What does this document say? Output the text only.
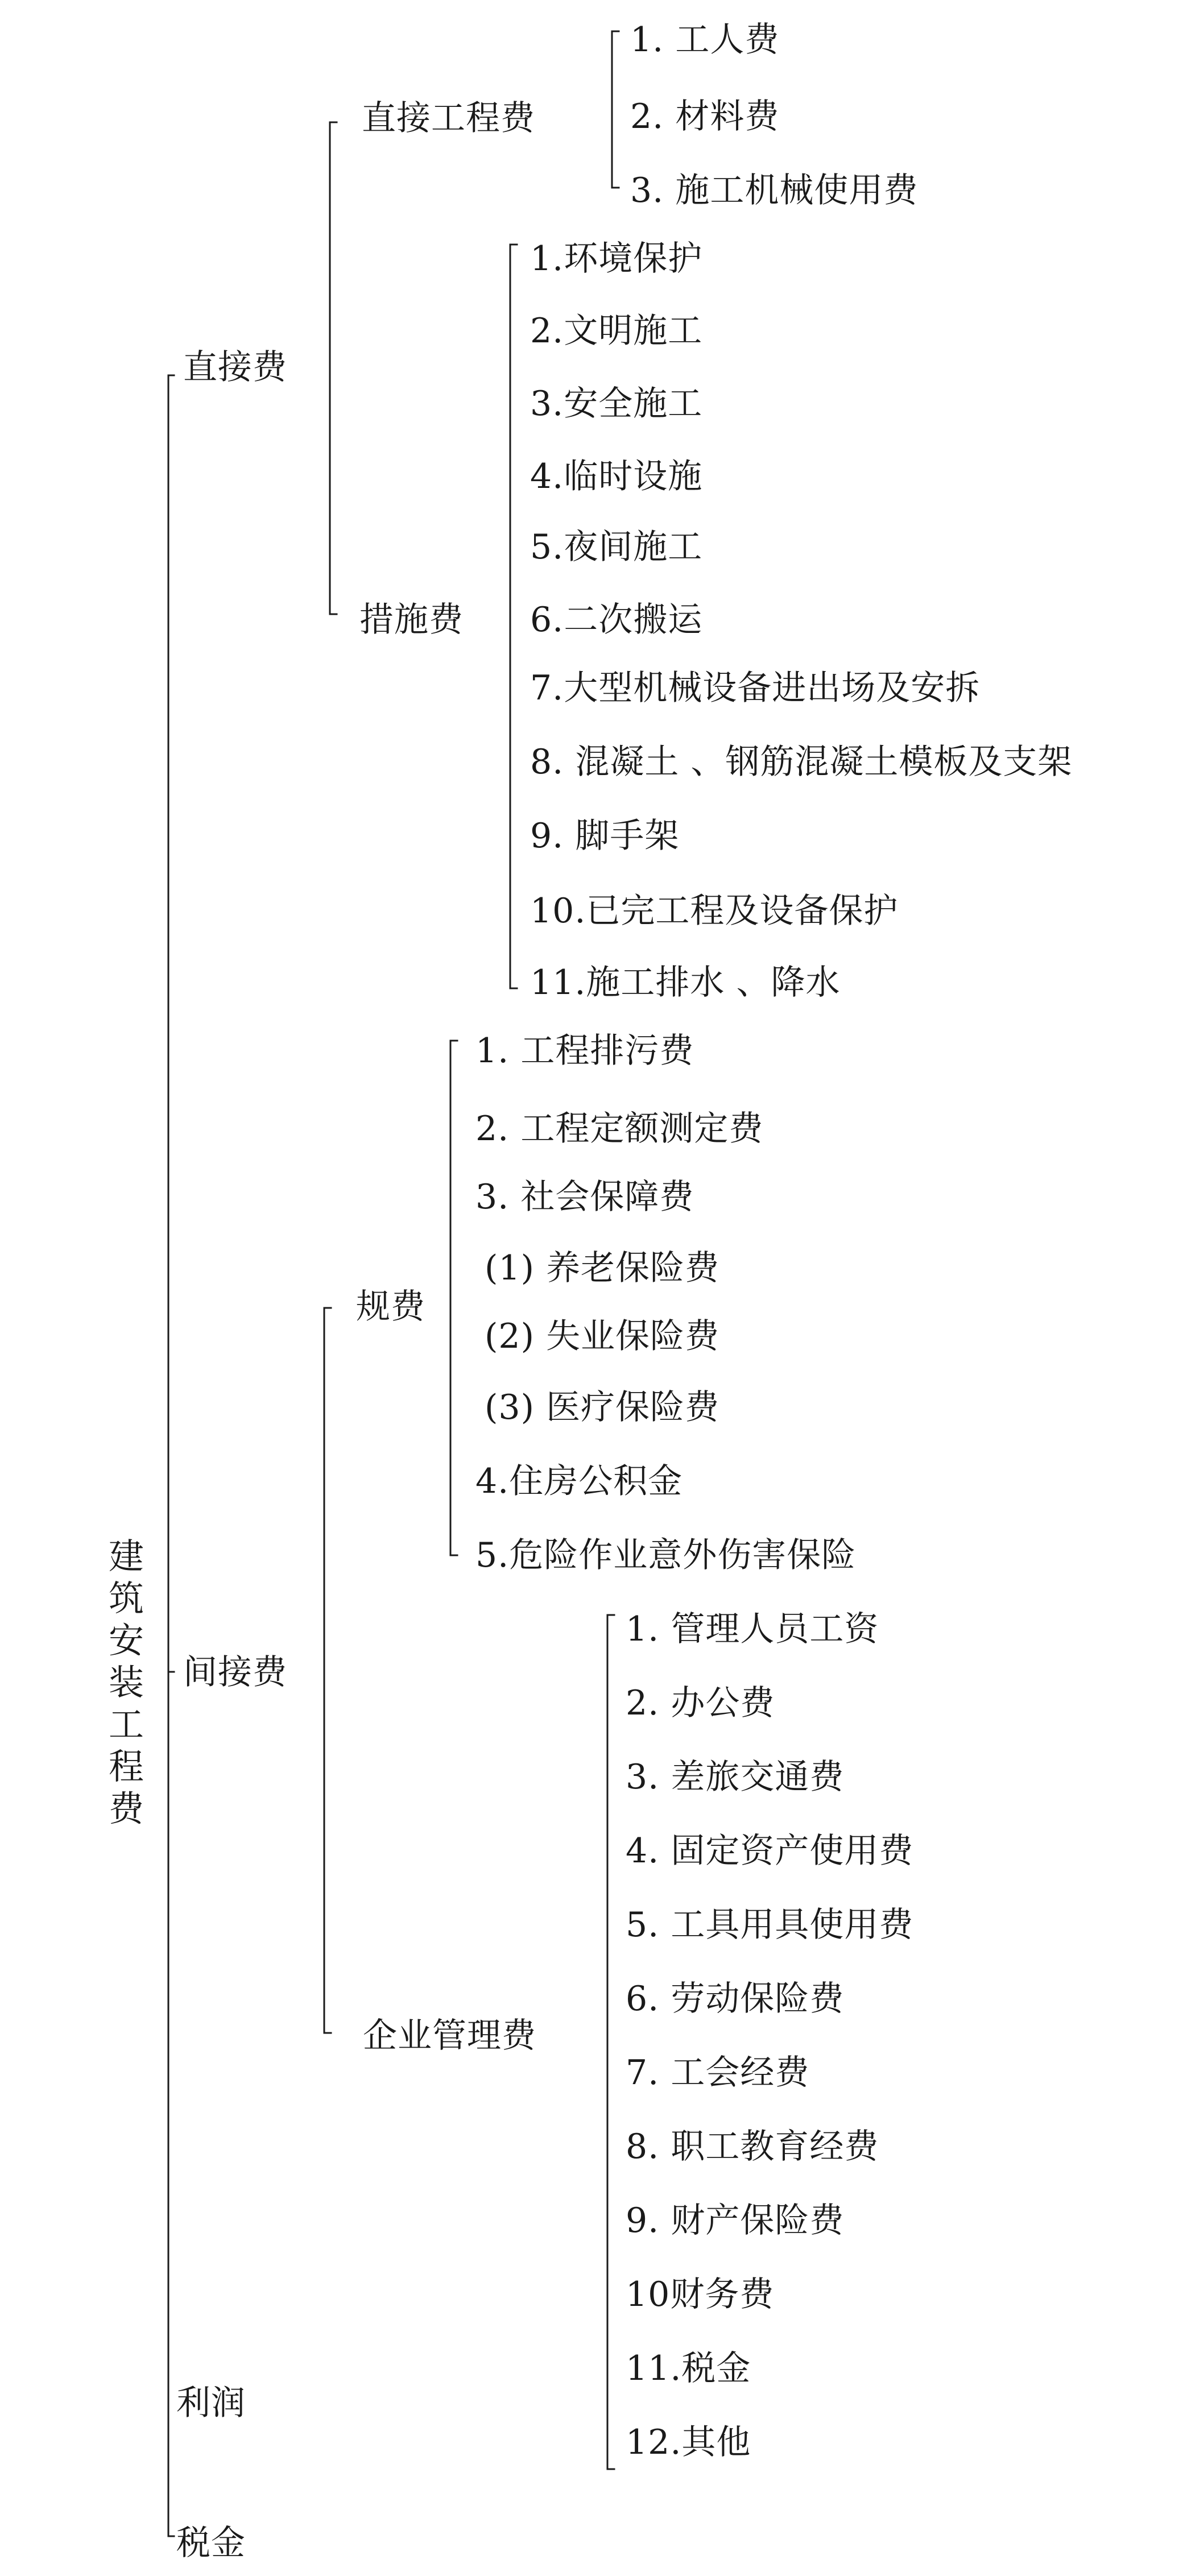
建筑安装工程费
直接费
间接费
利润
税金
直接工程费
措施费
规费
企业管理费
1. 工人费
2. 材料费
3. 施工机械使用费
1.环境保护
2.文明施工
3.安全施工
4.临时设施
5.夜间施工
6.二次搬运
7.大型机械设备进出场及安拆
8. 混凝土 、钢筋混凝土模板及支架
9. 脚手架
10.已完工程及设备保护
11.施工排水 、降水
1. 工程排污费
2. 工程定额测定费
3. 社会保障费
(1) 养老保险费
(2) 失业保险费
(3) 医疗保险费
4.住房公积金
5.危险作业意外伤害保险
1. 管理人员工资
2. 办公费
3. 差旅交通费
4. 固定资产使用费
5. 工具用具使用费
6. 劳动保险费
7. 工会经费
8. 职工教育经费
9. 财产保险费
10财务费
11.税金
12.其他
